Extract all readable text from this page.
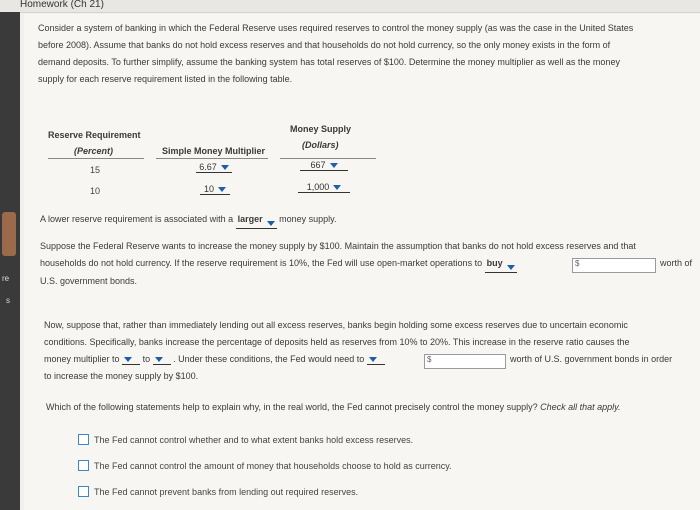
Homework (Ch 21)
re
s
Consider a system of banking in which the Federal Reserve uses required reserves to control the money supply (as was the case in the United States
before 2008). Assume that banks do not hold excess reserves and that households do not hold currency, so the only money exists in the form of
demand deposits. To further simplify, assume the banking system has total reserves of $100. Determine the money multiplier as well as the money
supply for each reserve requirement listed in the following table.
Reserve Requirement
(Percent)	Simple Money Multiplier
Money Supply
(Dollars)
15	6.67	667
10	10	1,000
A lower reserve requirement is associated with a larger money supply.
Suppose the Federal Reserve wants to increase the money supply by $100. Maintain the assumption that banks do not hold excess reserves and that
households do not hold currency. If the reserve requirement is 10%, the Fed will use open-market operations to buy
U.S. government bonds.
$	worth of
Now, suppose that, rather than immediately lending out all excess reserves, banks begin holding some excess reserves due to uncertain economic
conditions. Specifically, banks increase the percentage of deposits held as reserves from 10% to 20%. This increase in the reserve ratio causes the
money multiplier to	to	. Under these conditions, the Fed would need to
to increase the money supply by $100.
$	worth of U.S. government bonds in order
Which of the following statements help to explain why, in the real world, the Fed cannot precisely control the money supply? Check all that apply.
The Fed cannot control whether and to what extent banks hold excess reserves.
The Fed cannot control the amount of money that households choose to hold as currency.
The Fed cannot prevent banks from lending out required reserves.
